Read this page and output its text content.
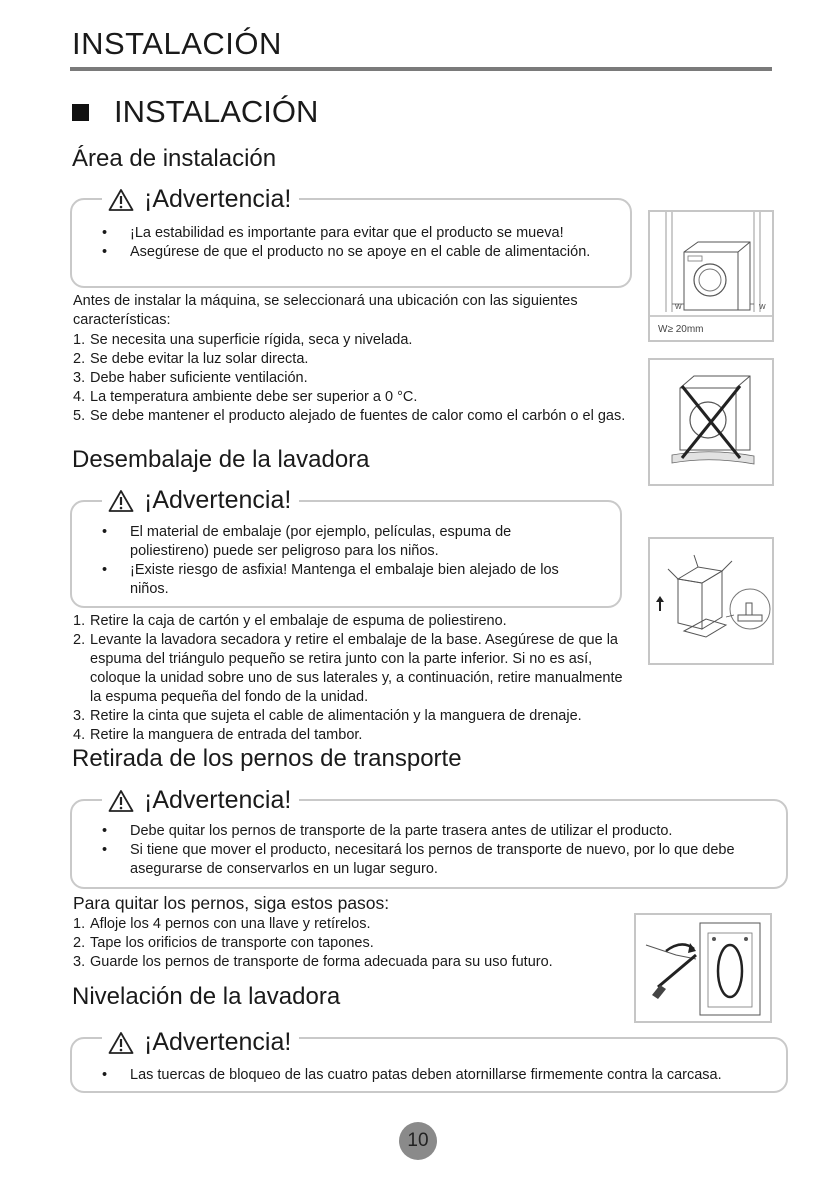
INSTALACIÓN
INSTALACIÓN
Área de instalación
• ¡La estabilidad es importante para evitar que el producto se mueva!
• Asegúrese de que el producto no se apoye en el cable de alimentación.
¡Advertencia!
Antes de instalar la máquina, se seleccionará una ubicación con las siguientes características:
1. Se necesita una superficie rígida, seca y nivelada.
2. Se debe evitar la luz solar directa.
3. Debe haber suficiente ventilación.
4. La temperatura ambiente debe ser superior a 0 °C.
5. Se debe mantener el producto alejado de fuentes de calor como el carbón o el gas.
W	W
W≥ 20mm
Desembalaje de la lavadora
• El material de embalaje (por ejemplo, películas, espuma de poliestireno) puede ser peligroso para los niños.
• ¡Existe riesgo de asfixia! Mantenga el embalaje bien alejado de los niños.
¡Advertencia!
1. Retire la caja de cartón y el embalaje de espuma de poliestireno.
2. Levante la lavadora secadora y retire el embalaje de la base. Asegúrese de que la espuma del triángulo pequeño se retira junto con la parte inferior. Si no es así, coloque la unidad sobre uno de sus laterales y, a continuación, retire manualmente la espuma pequeña del fondo de la unidad.
3. Retire la cinta que sujeta el cable de alimentación y la manguera de drenaje.
4. Retire la manguera de entrada del tambor.
Retirada de los pernos de transporte
• Debe quitar los pernos de transporte de la parte trasera antes de utilizar el producto.
• Si tiene que mover el producto, necesitará los pernos de transporte de nuevo, por lo que debe asegurarse de conservarlos en un lugar seguro.
¡Advertencia!
Para quitar los pernos, siga estos pasos:
1. Afloje los 4 pernos con una llave y retírelos.
2. Tape los orificios de transporte con tapones.
3. Guarde los pernos de transporte de forma adecuada para su uso futuro.
Nivelación de la lavadora
• Las tuercas de bloqueo de las cuatro patas deben atornillarse firmemente contra la carcasa.
¡Advertencia!
10
